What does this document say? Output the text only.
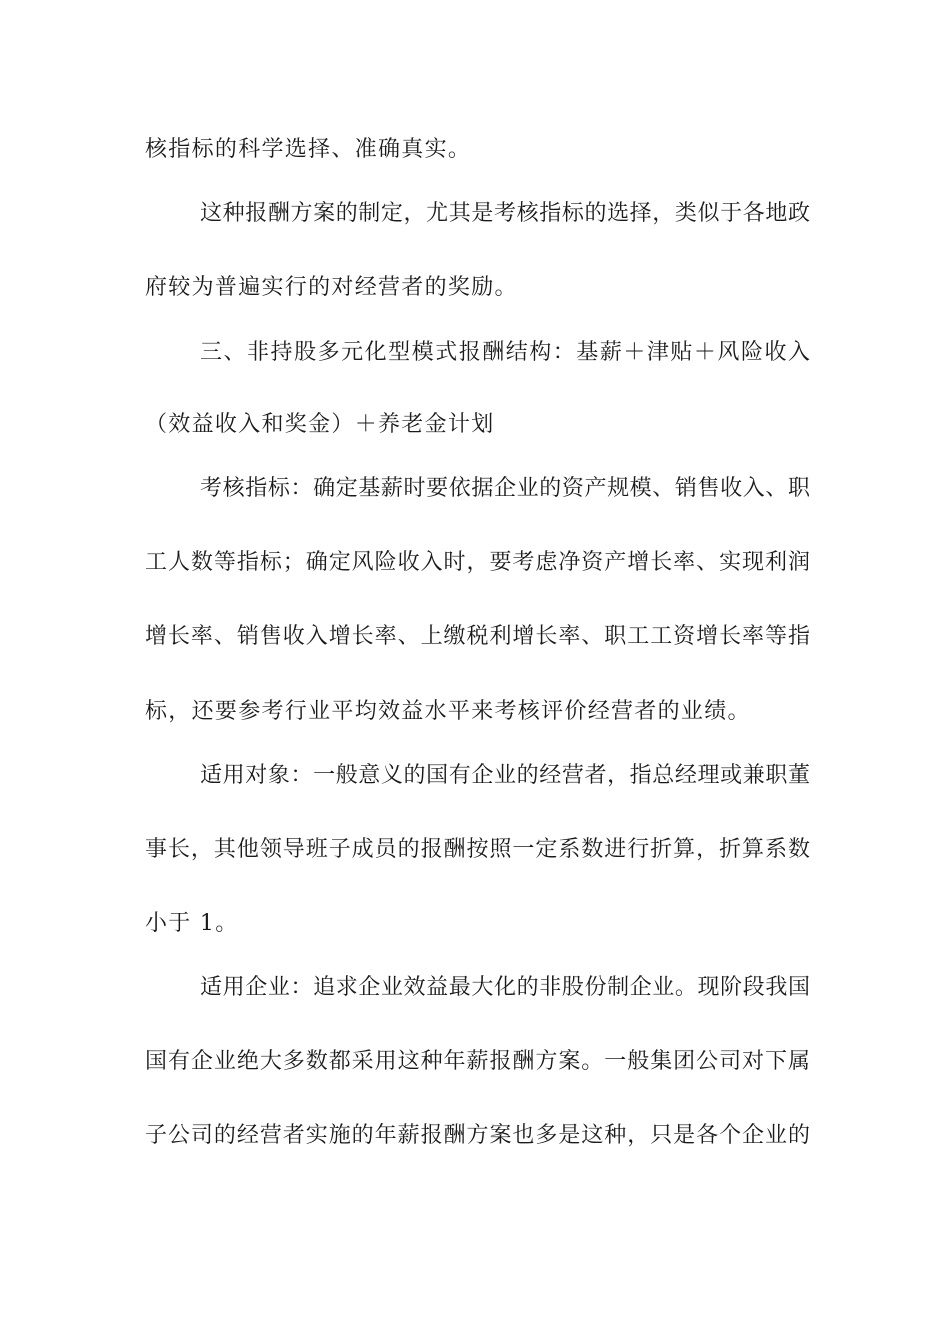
核指标的科学选择、准确真实。
这种报酬方案的制定，尤其是考核指标的选择，类似于各地政
府较为普遍实行的对经营者的奖励。
三、非持股多元化型模式报酬结构：基薪＋津贴＋风险收入
（效益收入和奖金）＋养老金计划
考核指标：确定基薪时要依据企业的资产规模、销售收入、职
工人数等指标；确定风险收入时，要考虑净资产增长率、实现利润
增长率、销售收入增长率、上缴税利增长率、职工工资增长率等指
标，还要参考行业平均效益水平来考核评价经营者的业绩。
适用对象：一般意义的国有企业的经营者，指总经理或兼职董
事长，其他领导班子成员的报酬按照一定系数进行折算，折算系数
小于 1。
适用企业：追求企业效益最大化的非股份制企业。现阶段我国
国有企业绝大多数都采用这种年薪报酬方案。一般集团公司对下属
子公司的经营者实施的年薪报酬方案也多是这种，只是各个企业的
